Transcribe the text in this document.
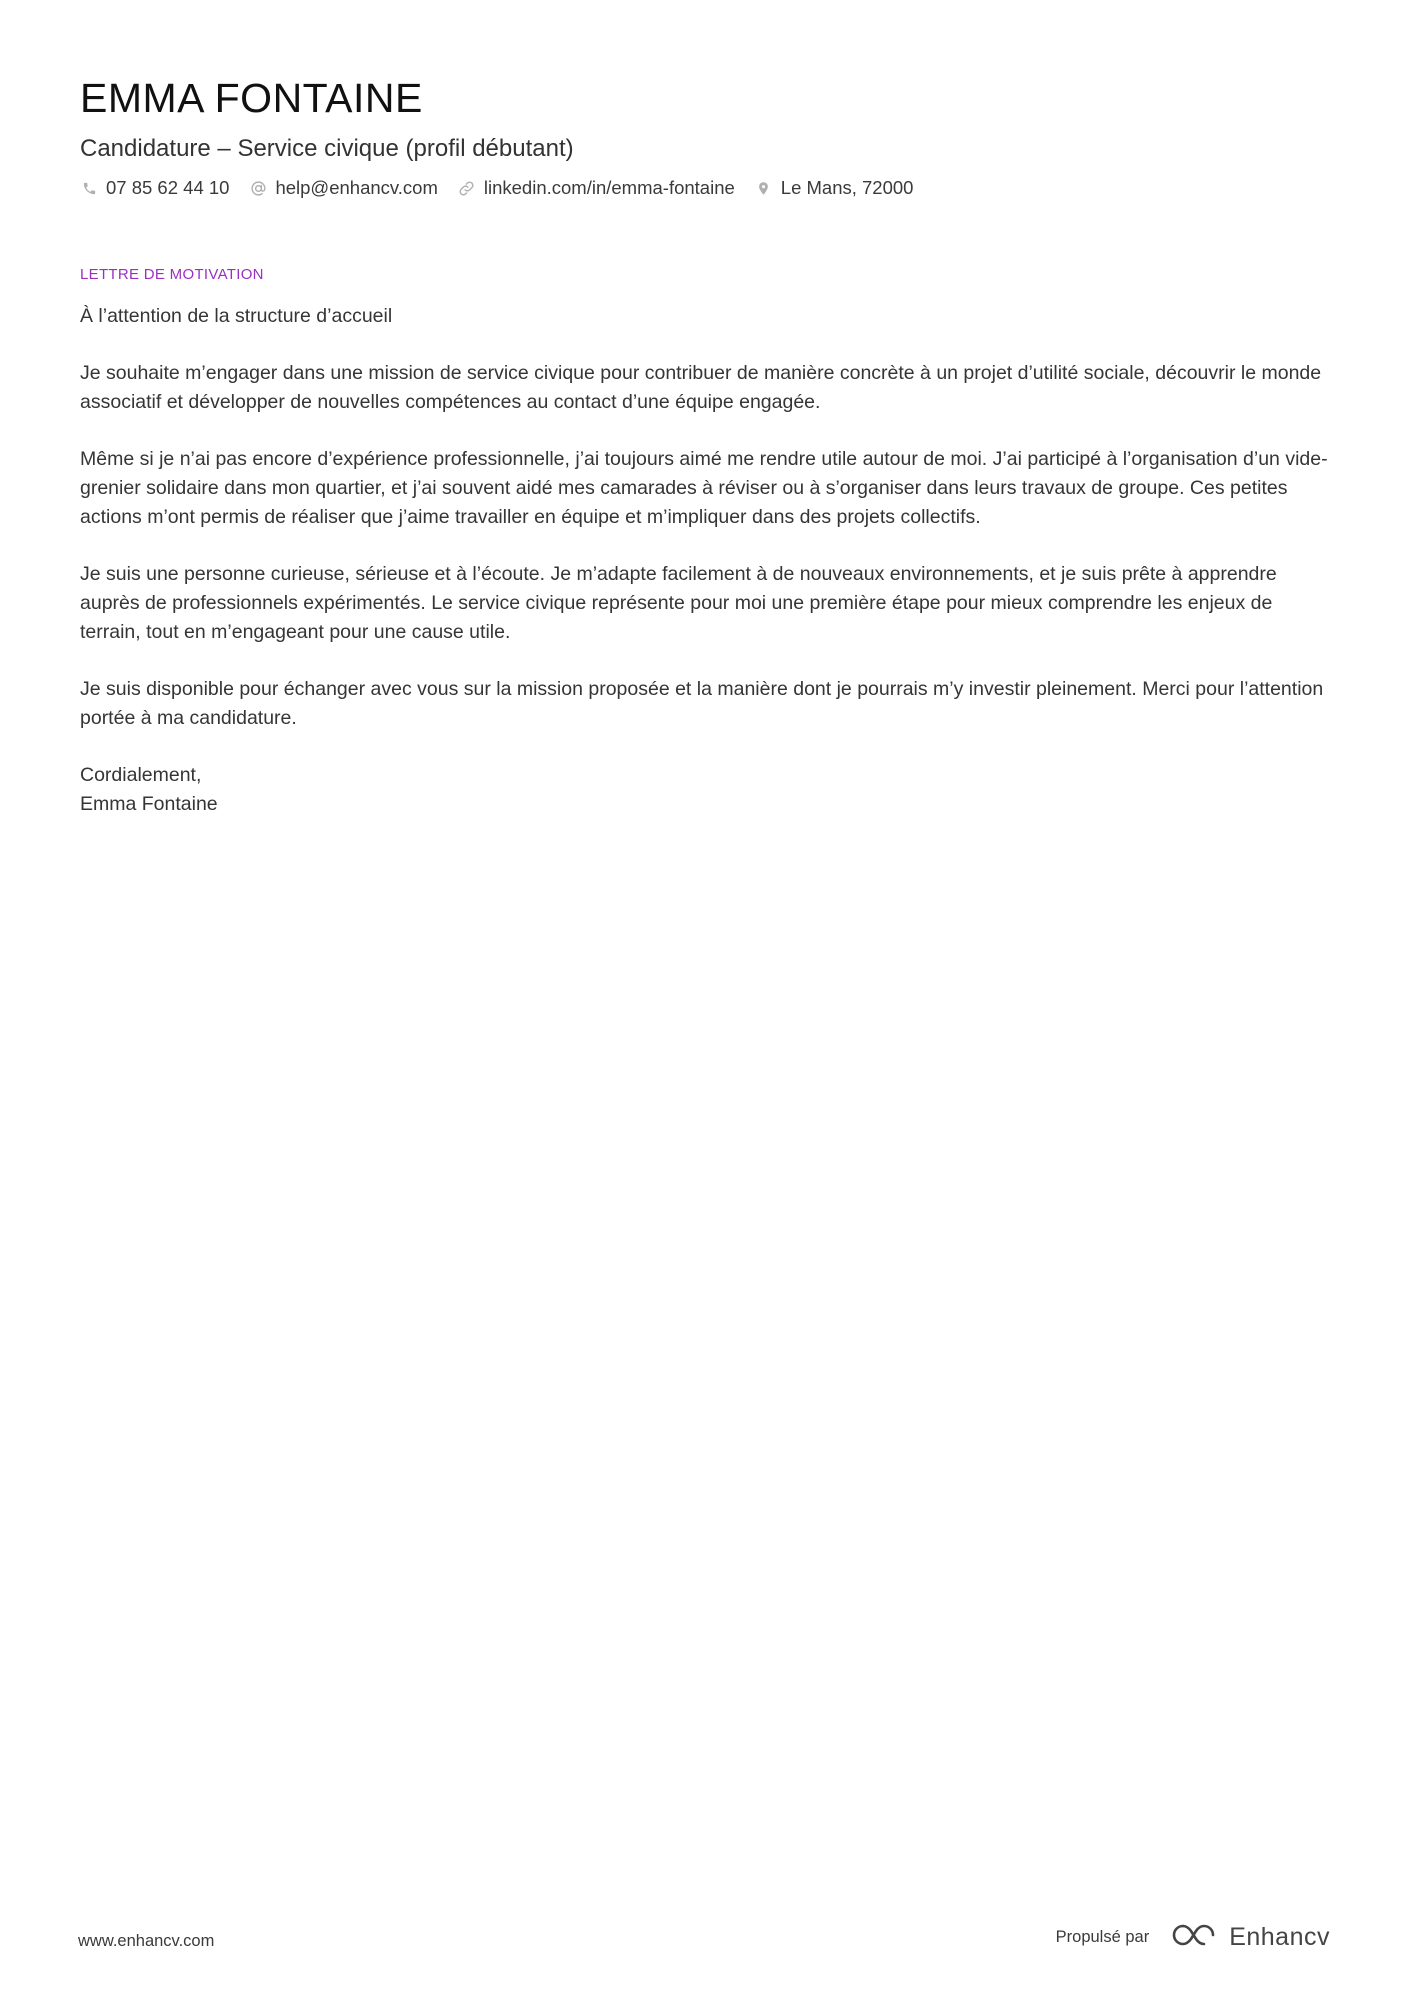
EMMA FONTAINE
Candidature – Service civique (profil débutant)
07 85 62 44 10 help@enhancv.com linkedin.com/in/emma-fontaine Le Mans, 72000
LETTRE DE MOTIVATION

À l’attention de la structure d’accueil

Je souhaite m’engager dans une mission de service civique pour contribuer de manière concrète à un projet d’utilité sociale, découvrir le monde associatif et développer de nouvelles compétences au contact d’une équipe engagée.

Même si je n’ai pas encore d’expérience professionnelle, j’ai toujours aimé me rendre utile autour de moi. J’ai participé à l’organisation d’un vide-grenier solidaire dans mon quartier, et j’ai souvent aidé mes camarades à réviser ou à s’organiser dans leurs travaux de groupe. Ces petites actions m’ont permis de réaliser que j’aime travailler en équipe et m’impliquer dans des projets collectifs.

Je suis une personne curieuse, sérieuse et à l’écoute. Je m’adapte facilement à de nouveaux environnements, et je suis prête à apprendre auprès de professionnels expérimentés. Le service civique représente pour moi une première étape pour mieux comprendre les enjeux de terrain, tout en m’engageant pour une cause utile.

Je suis disponible pour échanger avec vous sur la mission proposée et la manière dont je pourrais m’y investir pleinement. Merci pour l’attention portée à ma candidature.

Cordialement,

Emma Fontaine

www.enhancv.com	Propulsé par	Enhancv
